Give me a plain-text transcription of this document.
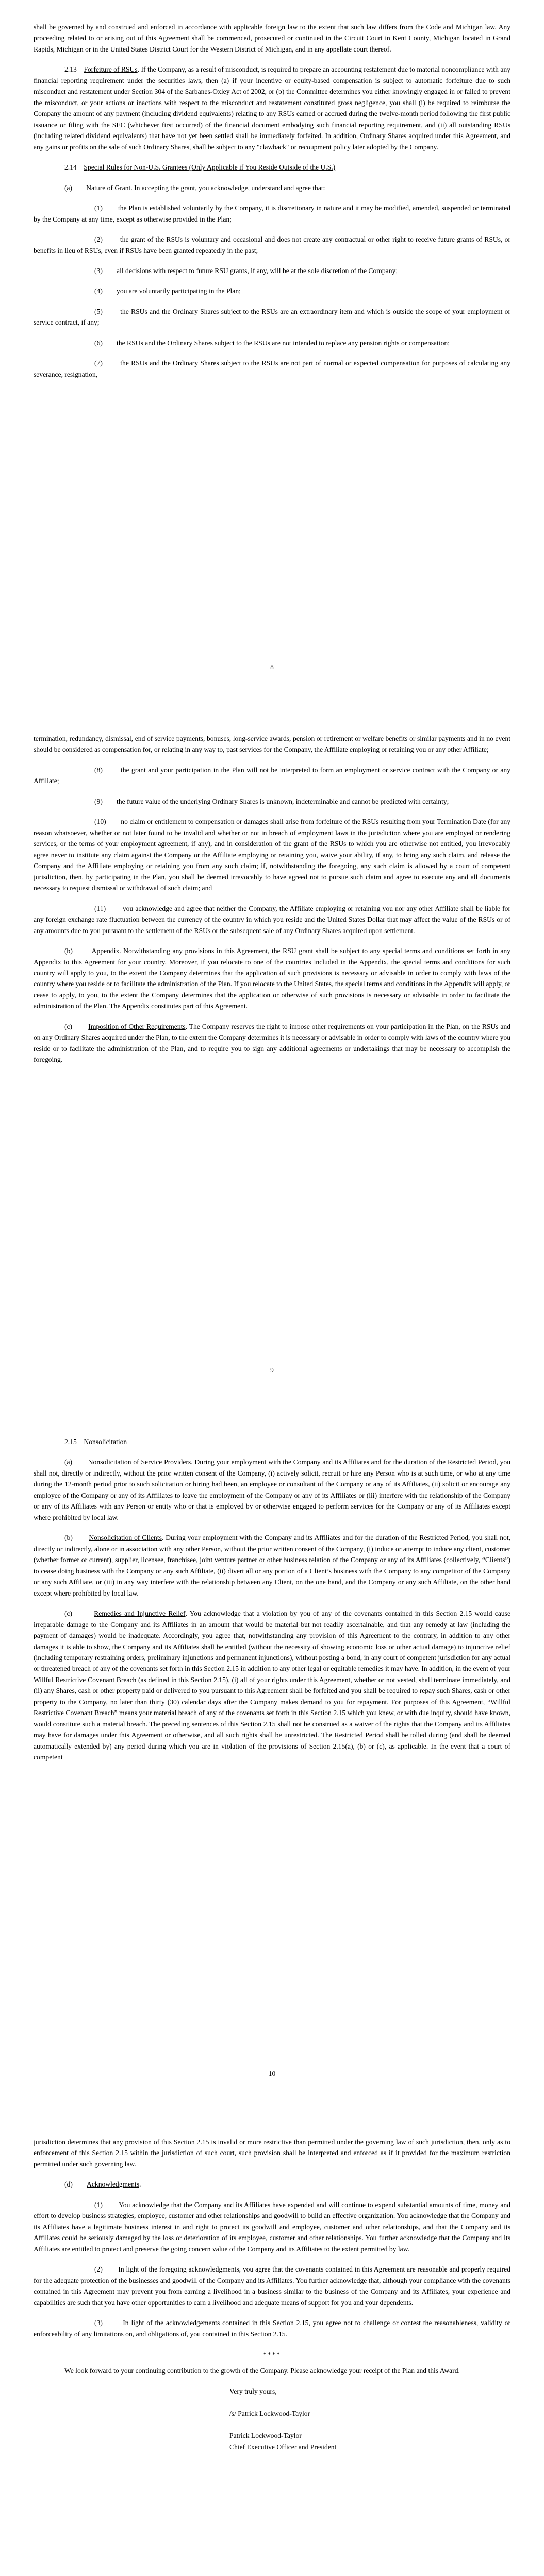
shall be governed by and construed and enforced in accordance with applicable foreign law to the extent that such law differs from the Code and Michigan law. Any proceeding related to or arising out of this Agreement shall be commenced, prosecuted or continued in the Circuit Court in Kent County, Michigan located in Grand Rapids, Michigan or in the United States District Court for the Western District of Michigan, and in any appellate court thereof.

2.13 Forfeiture of RSUs. If the Company, as a result of misconduct, is required to prepare an accounting restatement due to material noncompliance with any financial reporting requirement under the securities laws, then (a) if your incentive or equity-based compensation is subject to automatic forfeiture due to such misconduct and restatement under Section 304 of the Sarbanes-Oxley Act of 2002, or (b) the Committee determines you either knowingly engaged in or failed to prevent the misconduct, or your actions or inactions with respect to the misconduct and restatement constituted gross negligence, you shall (i) be required to reimburse the Company the amount of any payment (including dividend equivalents) relating to any RSUs earned or accrued during the twelve-month period following the first public issuance or filing with the SEC (whichever first occurred) of the financial document embodying such financial reporting requirement, and (ii) all outstanding RSUs (including related dividend equivalents) that have not yet been settled shall be immediately forfeited. In addition, Ordinary Shares acquired under this Agreement, and any gains or profits on the sale of such Ordinary Shares, shall be subject to any "clawback" or recoupment policy later adopted by the Company.

2.14 Special Rules for Non-U.S. Grantees (Only Applicable if You Reside Outside of the U.S.)

(a) Nature of Grant. In accepting the grant, you acknowledge, understand and agree that:

(1) the Plan is established voluntarily by the Company, it is discretionary in nature and it may be modified, amended, suspended or terminated by the Company at any time, except as otherwise provided in the Plan;

(2)	the grant of the RSUs is voluntary and occasional and does not create any contractual or other right to receive future grants of RSUs, or benefits in lieu of RSUs, even if RSUs have been granted repeatedly in the past;

(3) all decisions with respect to future RSU grants, if any, will be at the sole discretion of the Company;

(4) you are voluntarily participating in the Plan;

(5)	the RSUs and the Ordinary Shares subject to the RSUs are an extraordinary item and which is outside the scope of your employment or service contract, if any;

(6) the RSUs and the Ordinary Shares subject to the RSUs are not intended to replace any pension rights or compensation;

(7)	the RSUs and the Ordinary Shares subject to the RSUs are not part of normal or expected compensation for purposes of calculating any severance, resignation,

8

termination, redundancy, dismissal, end of service payments, bonuses, long-service awards, pension or retirement or welfare benefits or similar payments and in no event should be considered as compensation for, or relating in any way to, past services for the Company, the Affiliate employing or retaining you or any other Affiliate;

(8)	the grant and your participation in the Plan will not be interpreted to form an employment or service contract with the Company or any Affiliate;

(9) the future value of the underlying Ordinary Shares is unknown, indeterminable and cannot be predicted with certainty;

(10) no claim or entitlement to compensation or damages shall arise from forfeiture of the RSUs resulting from your Termination Date (for any reason whatsoever, whether or not later found to be invalid and whether or not in breach of employment laws in the jurisdiction where you are employed or rendering services, or the terms of your employment agreement, if any), and in consideration of the grant of the RSUs to which you are otherwise not entitled, you irrevocably agree never to institute any claim against the Company or the Affiliate employing or retaining you, waive your ability, if any, to bring any such claim, and release the Company and the Affiliate employing or retaining you from any such claim; if, notwithstanding the foregoing, any such claim is allowed by a court of competent jurisdiction, then, by participating in the Plan, you shall be deemed irrevocably to have agreed not to pursue such claim and agree to execute any and all documents necessary to request dismissal or withdrawal of such claim; and

(11) you acknowledge and agree that neither the Company, the Affiliate employing or retaining you nor any other Affiliate shall be liable for any foreign exchange rate fluctuation between the currency of the country in which you reside and the United States Dollar that may affect the value of the RSUs or of any amounts due to you pursuant to the settlement of the RSUs or the subsequent sale of any Ordinary Shares acquired upon settlement.

(b)	Appendix. Notwithstanding any provisions in this Agreement, the RSU grant shall be subject to any special terms and conditions set forth in any Appendix to this Agreement for your country. Moreover, if you relocate to one of the countries included in the Appendix, the special terms and conditions for such country will apply to you, to the extent the Company determines that the application of such provisions is necessary or advisable in order to comply with laws of the country where you reside or to facilitate the administration of the Plan. If you relocate to the United States, the special terms and conditions in the Appendix will apply, or cease to apply, to you, to the extent the Company determines that the application or otherwise of such provisions is necessary or advisable in order to facilitate the administration of the Plan. The Appendix constitutes part of this Agreement.

(c) Imposition of Other Requirements. The Company reserves the right to impose other requirements on your participation in the Plan, on the RSUs and on any Ordinary Shares acquired under the Plan, to the extent the Company determines it is necessary or advisable in order to comply with laws of the country where you reside or to facilitate the administration of the Plan, and to require you to sign any additional agreements or undertakings that may be necessary to accomplish the foregoing.

9

2.15 Nonsolicitation

(a) Nonsolicitation of Service Providers. During your employment with the Company and its Affiliates and for the duration of the Restricted Period, you shall not, directly or indirectly, without the prior written consent of the Company, (i) actively solicit, recruit or hire any Person who is at such time, or who at any time during the 12-month period prior to such solicitation or hiring had been, an employee or consultant of the Company or any of its Affiliates, (ii) solicit or encourage any employee of the Company or any of its Affiliates to leave the employment of the Company or any of its Affiliates or (iii) interfere with the relationship of the Company or any of its Affiliates with any Person or entity who or that is employed by or otherwise engaged to perform services for the Company or any of its Affiliates except where prohibited by local law.

(b) Nonsolicitation of Clients. During your employment with the Company and its Affiliates and for the duration of the Restricted Period, you shall not, directly or indirectly, alone or in association with any other Person, without the prior written consent of the Company, (i) induce or attempt to induce any client, customer (whether former or current), supplier, licensee, franchisee, joint venture partner or other business relation of the Company or any of its Affiliates (collectively, “Clients”) to cease doing business with the Company or any such Affiliate, (ii) divert all or any portion of a Client’s business with the Company to any competitor of the Company or any such Affiliate, or (iii) in any way interfere with the relationship between any Client, on the one hand, and the Company or any such Affiliate, on the other hand except where prohibited by local law.

(c)	Remedies and Injunctive Relief. You acknowledge that a violation by you of any of the covenants contained in this Section 2.15 would cause irreparable damage to the Company and its Affiliates in an amount that would be material but not readily ascertainable, and that any remedy at law (including the payment of damages) would be inadequate. Accordingly, you agree that, notwithstanding any provision of this Agreement to the contrary, in addition to any other damages it is able to show, the Company and its Affiliates shall be entitled (without the necessity of showing economic loss or other actual damage) to injunctive relief (including temporary restraining orders, preliminary injunctions and permanent injunctions), without posting a bond, in any court of competent jurisdiction for any actual or threatened breach of any of the covenants set forth in this Section 2.15 in addition to any other legal or equitable remedies it may have. In addition, in the event of your Willful Restrictive Covenant Breach (as defined in this Section 2.15), (i) all of your rights under this Agreement, whether or not vested, shall terminate immediately, and (ii) any Shares, cash or other property paid or delivered to you pursuant to this Agreement shall be forfeited and you shall be required to repay such Shares, cash or other property to the Company, no later than thirty (30) calendar days after the Company makes demand to you for repayment. For purposes of this Agreement, “Willful Restrictive Covenant Breach” means your material breach of any of the covenants set forth in this Section 2.15 which you knew, or with due inquiry, should have known, would constitute such a material breach. The preceding sentences of this Section 2.15 shall not be construed as a waiver of the rights that the Company and its Affiliates may have for damages under this Agreement or otherwise, and all such rights shall be unrestricted. The Restricted Period shall be tolled during (and shall be deemed automatically extended by) any period during which you are in violation of the provisions of Section 2.15(a), (b) or (c), as applicable. In the event that a court of competent

10

jurisdiction determines that any provision of this Section 2.15 is invalid or more restrictive than permitted under the governing law of such jurisdiction, then, only as to enforcement of this Section 2.15 within the jurisdiction of such court, such provision shall be interpreted and enforced as if it provided for the maximum restriction permitted under such governing law.

(d) Acknowledgments.

(1) You acknowledge that the Company and its Affiliates have expended and will continue to expend substantial amounts of time, money and effort to develop business strategies, employee, customer and other relationships and goodwill to build an effective organization. You acknowledge that the Company and its Affiliates have a legitimate business interest in and right to protect its goodwill and employee, customer and other relationships, and that the Company and its Affiliates could be seriously damaged by the loss or deterioration of its employee, customer and other relationships. You further acknowledge that the Company and its Affiliates are entitled to protect and preserve the going concern value of the Company and its Affiliates to the extent permitted by law.

(2) In light of the foregoing acknowledgments, you agree that the covenants contained in this Agreement are reasonable and properly required for the adequate protection of the businesses and goodwill of the Company and its Affiliates. You further acknowledge that, although your compliance with the covenants contained in this Agreement may prevent you from earning a livelihood in a business similar to the business of the Company and its Affiliates, your experience and capabilities are such that you have other opportunities to earn a livelihood and adequate means of support for you and your dependents.

(3)	In light of the acknowledgements contained in this Section 2.15, you agree not to challenge or contest the reasonableness, validity or enforceability of any limitations on, and obligations of, you contained in this Section 2.15.

****

We look forward to your continuing contribution to the growth of the Company. Please acknowledge your receipt of the Plan and this Award.

Very truly yours,
/s/ Patrick Lockwood-Taylor
Patrick Lockwood-Taylor
Chief Executive Officer and President
